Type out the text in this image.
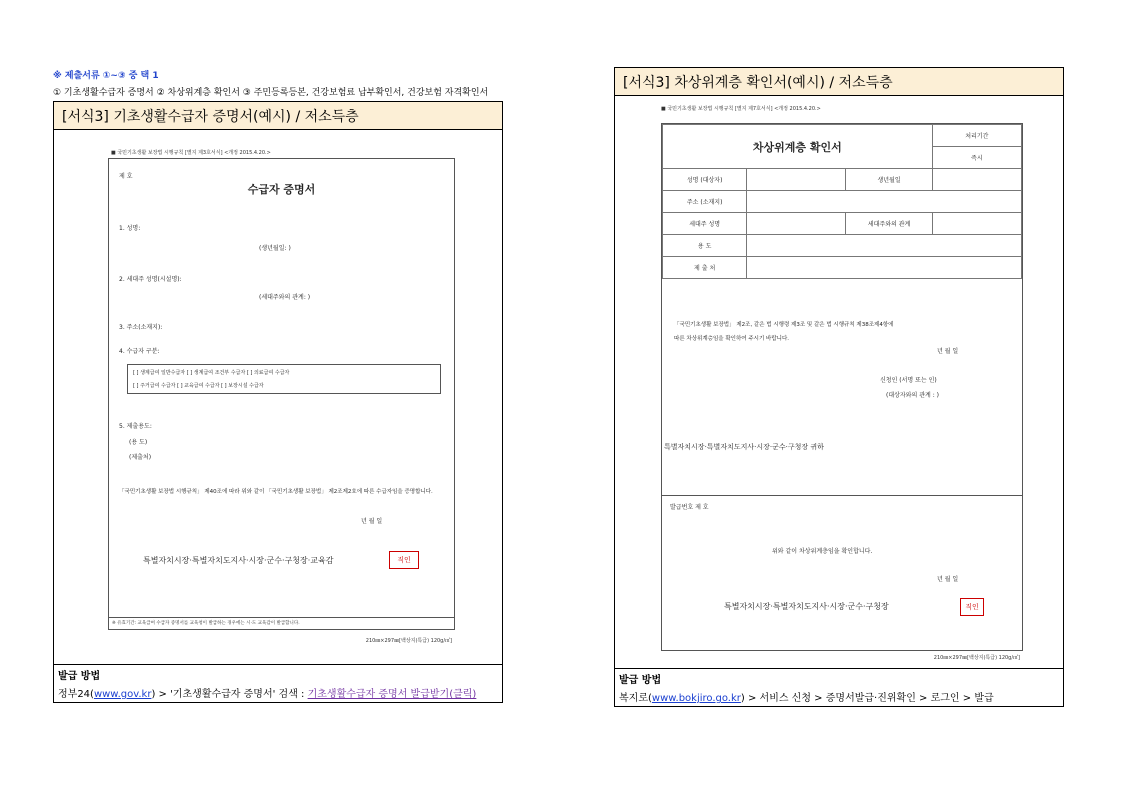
※ 제출서류 ①~③ 중 택 1
① 기초생활수급자 증명서 ② 차상위계층 확인서 ③ 주민등록등본, 건강보험료 납부확인서, 건강보험 자격확인서
[서식3] 기초생활수급자 증명서(예시) / 저소득층
■ 국민기초생활 보장법 시행규칙 [별지 제3호서식] <개정 2015.4.20.>
제 호
수급자 증명서
1. 성명:
(생년월일: )
2. 세대주 성명(시설명):
(세대주와의 관계: )
3. 주소(소재지):
4. 수급자 구분:
[ ] 생계급여 일반수급자 [ ] 생계급여 조건부 수급자 [ ] 의료급여 수급자
[ ] 주거급여 수급자 [ ] 교육급여 수급자 [ ] 보장시설 수급자
5. 제출용도:
(용 도)
(제출처)
「국민기초생활 보장법 시행규칙」 제40조에 따라 위와 같이 「국민기초생활 보장법」 제2조제2호에 따른 수급자임을 증명합니다.
년 월 일
특별자치시장·특별자치도지사·시장·군수·구청장·교육감	직인
※ 유효기간: 교육급여 수급자 증명서를 교육청이 발급하는 경우에는 시·도 교육감이 발급합니다.
210㎜×297㎜[백상지(특급) 120g/㎡]
발급 방법
정부24(www.gov.kr) > '기초생활수급자 증명서' 검색 : 기초생활수급자 증명서 발급받기(클릭)
[서식3] 차상위계층 확인서(예시) / 저소득층
■ 국민기초생활 보장법 시행규칙 [별지 제7호서식] <개정 2015.4.20.>
차상위계층 확인서			처리기간
			즉시
성명 (대상자)		생년월일	
주소 (소재지)			
세대주 성명		세대주와의 관계	
용 도			
제 출 처			
「국민기초생활 보장법」 제2조, 같은 법 시행령 제3조 및 같은 법 시행규칙 제38조제4항에
따른 차상위계층임을 확인하여 주시기 바랍니다.
년 월 일
신청인 (서명 또는 인)
(대상자와의 관계 : )
특별자치시장·특별자치도지사·시장·군수·구청장 귀하
발급번호 제 호
위와 같이 차상위계층임을 확인합니다.
년 월 일
특별자치시장·특별자치도지사·시장·군수·구청장	직인
210㎜×297㎜[백상지(특급) 120g/㎡]
발급 방법
복지로(www.bokjiro.go.kr) > 서비스 신청 > 증명서발급·진위확인 > 로그인 > 발급
